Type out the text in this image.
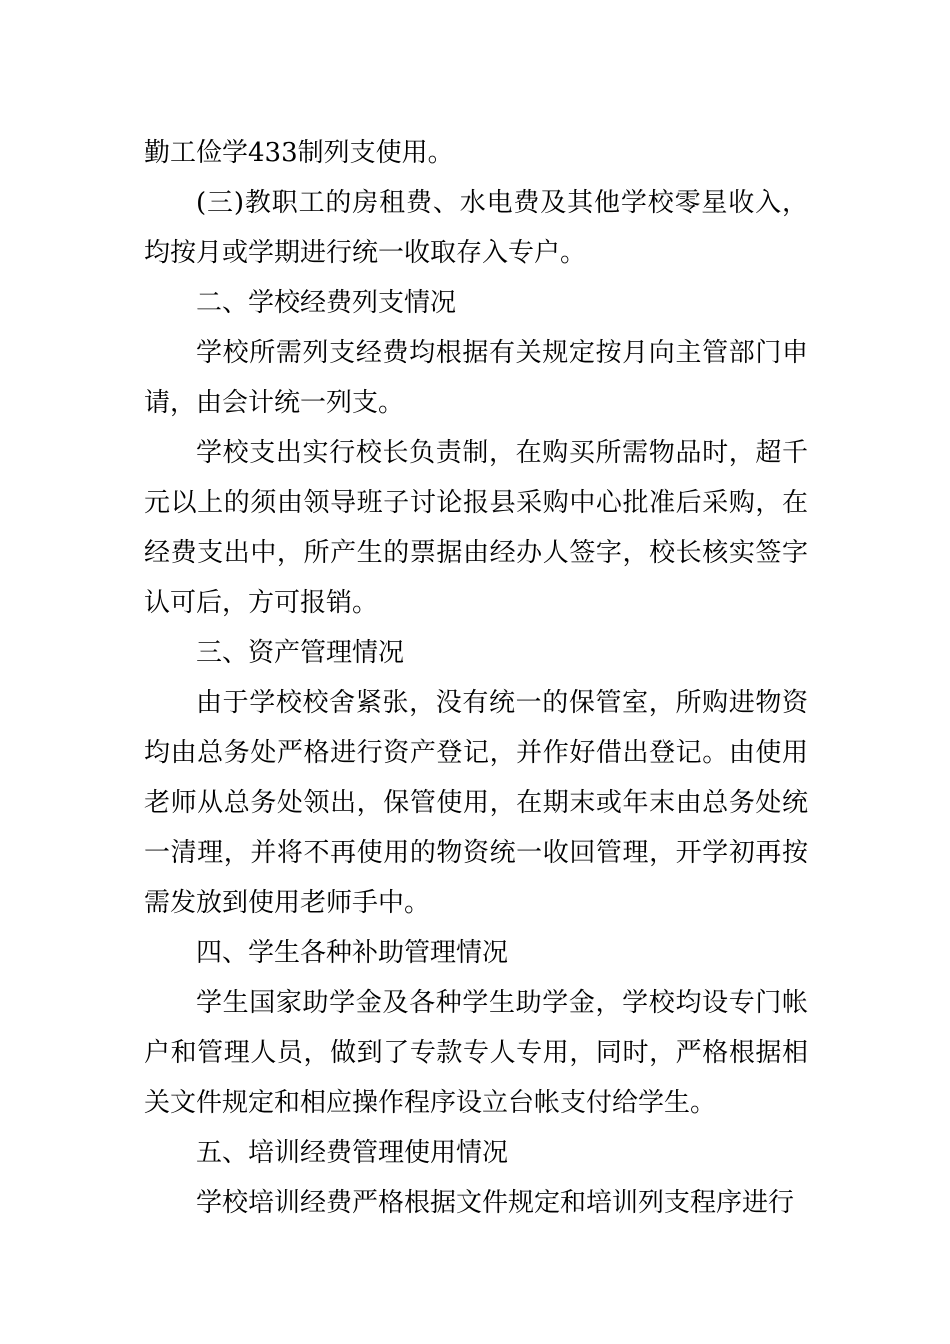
勤工俭学433制列支使用。

(三)教职工的房租费、水电费及其他学校零星收入，均按月或学期进行统一收取存入专户。

二、学校经费列支情况

学校所需列支经费均根据有关规定按月向主管部门申请，由会计统一列支。

学校支出实行校长负责制，在购买所需物品时，超千元以上的须由领导班子讨论报县采购中心批准后采购，在经费支出中，所产生的票据由经办人签字，校长核实签字认可后，方可报销。

三、资产管理情况

由于学校校舍紧张，没有统一的保管室，所购进物资均由总务处严格进行资产登记，并作好借出登记。由使用老师从总务处领出，保管使用，在期末或年末由总务处统一清理，并将不再使用的物资统一收回管理，开学初再按需发放到使用老师手中。

四、学生各种补助管理情况

学生国家助学金及各种学生助学金，学校均设专门帐户和管理人员，做到了专款专人专用，同时，严格根据相关文件规定和相应操作程序设立台帐支付给学生。

五、培训经费管理使用情况

学校培训经费严格根据文件规定和培训列支程序进行
